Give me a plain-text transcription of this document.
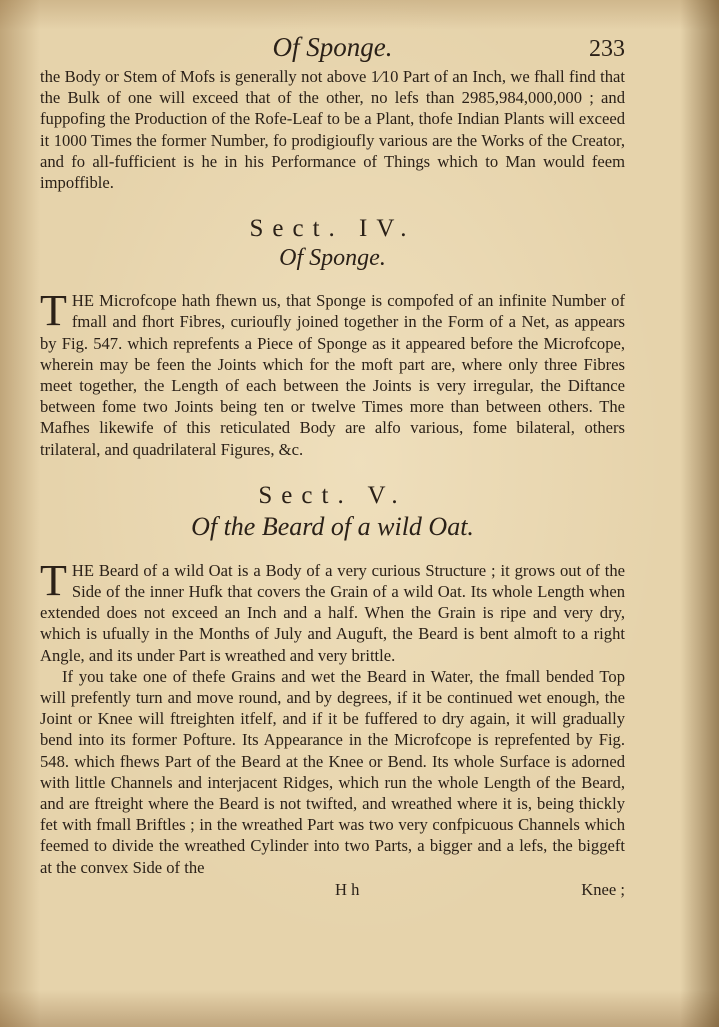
Of Sponge.	233

the Body or Stem of Mofs is generally not above 1⁄10 Part of an Inch, we fhall find that the Bulk of one will exceed that of the other, no lefs than 2985,984,000,000 ; and fuppofing the Production of the Rofe-Leaf to be a Plant, thofe Indian Plants will exceed it 1000 Times the former Number, fo prodigioufly various are the Works of the Creator, and fo all-fufficient is he in his Performance of Things which to Man would feem impoffible.

Sect. IV.
Of Sponge.

THE Microfcope hath fhewn us, that Sponge is compofed of an infinite Number of fmall and fhort Fibres, curioufly joined together in the Form of a Net, as appears by Fig. 547. which reprefents a Piece of Sponge as it appeared before the Microfcope, wherein may be feen the Joints which for the moft part are, where only three Fibres meet together, the Length of each between the Joints is very irregular, the Diftance between fome two Joints being ten or twelve Times more than between others. The Mafhes likewife of this reticulated Body are alfo various, fome bilateral, others trilateral, and quadrilateral Figures, &c.

Sect. V.
Of the Beard of a wild Oat.

THE Beard of a wild Oat is a Body of a very curious Structure ; it grows out of the Side of the inner Hufk that covers the Grain of a wild Oat. Its whole Length when extended does not exceed an Inch and a half. When the Grain is ripe and very dry, which is ufually in the Months of July and Auguft, the Beard is bent almoft to a right Angle, and its under Part is wreathed and very brittle.

If you take one of thefe Grains and wet the Beard in Water, the fmall bended Top will prefently turn and move round, and by degrees, if it be continued wet enough, the Joint or Knee will ftreighten itfelf, and if it be fuffered to dry again, it will gradually bend into its former Pofture. Its Appearance in the Microfcope is reprefented by Fig. 548. which fhews Part of the Beard at the Knee or Bend. Its whole Surface is adorned with little Channels and interjacent Ridges, which run the whole Length of the Beard, and are ftreight where the Beard is not twifted, and wreathed where it is, being thickly fet with fmall Briftles ; in the wreathed Part was two very confpicuous Channels which feemed to divide the wreathed Cylinder into two Parts, a bigger and a lefs, the biggeft at the convex Side of the

H h	Knee ;
